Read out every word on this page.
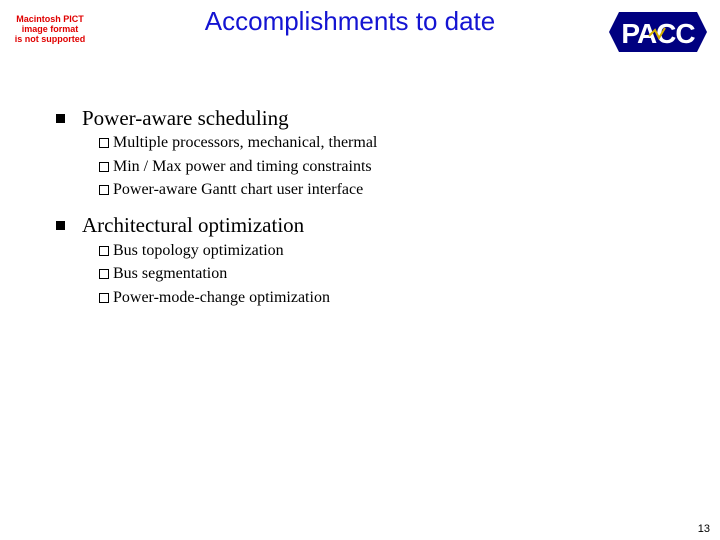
Macintosh PICT
image format
is not supported
Accomplishments to date	PACC
Power-aware scheduling
Multiple processors, mechanical, thermal
Min / Max power and timing constraints
Power-aware Gantt chart user interface
Architectural optimization
Bus topology optimization
Bus segmentation
Power-mode-change optimization
13
